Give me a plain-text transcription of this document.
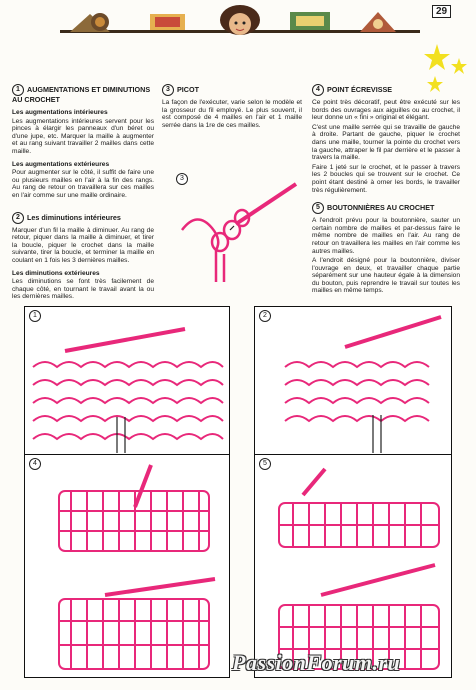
29
1 AUGMENTATIONS ET DIMINUTIONS AU CROCHET
Les augmentations intérieures

Les augmentations intérieures servent pour les pinces à élargir les panneaux d'un béret ou d'une jupe, etc. Marquer la maille à augmenter et au rang suivant travailler 2 mailles dans cette maille.

Les augmentations extérieures

Pour augmenter sur le côté, il suffit de faire une ou plusieurs mailles en l'air à la fin des rangs. Au rang de retour on travaillera sur ces mailles en l'air comme sur une maille ordinaire.

2 Les diminutions intérieures

Marquer d'un fil la maille à diminuer. Au rang de retour, piquer dans la maille à diminuer, et tirer la boucle, piquer le crochet dans la maille suivante, tirer la boucle, et terminer la maille en coulant en 1 fois les 3 dernières mailles.

Les diminutions extérieures

Les diminutions se font très facilement de chaque côté, en tournant le travail avant la ou les dernières mailles.

3 PICOT

La façon de l'exécuter, varie selon le modèle et la grosseur du fil employé. Le plus souvent, il est composé de 4 mailles en l'air et 1 maille serrée dans la 1re de ces mailles.

3
4 POINT ÉCREVISSE

Ce point très décoratif, peut être exécuté sur les bords des ouvrages aux aiguilles ou au crochet, il leur donne un « fini » original et élégant.

C'est une maille serrée qui se travaille de gauche à droite. Partant de gauche, piquer le crochet dans une maille, tourner la pointe du crochet vers la gauche, attraper le fil par derrière et le passer à travers la maille.

Faire 1 jeté sur le crochet, et le passer à travers les 2 boucles qui se trouvent sur le crochet. Ce point étant destiné à orner les bords, le travailler très régulièrement.

5 BOUTONNIÈRES AU CROCHET

A l'endroit prévu pour la boutonnière, sauter un certain nombre de mailles et par-dessus faire le même nombre de mailles en l'air. Au rang de retour on travaillera les mailles en l'air comme les autres mailles.

A l'endroit désigné pour la boutonnière, diviser l'ouvrage en deux, et travailler chaque partie séparément sur une hauteur égale à la dimension du bouton, puis reprendre le travail sur toutes les mailles en même temps.

1	2
4	5
PassionForum.ru
